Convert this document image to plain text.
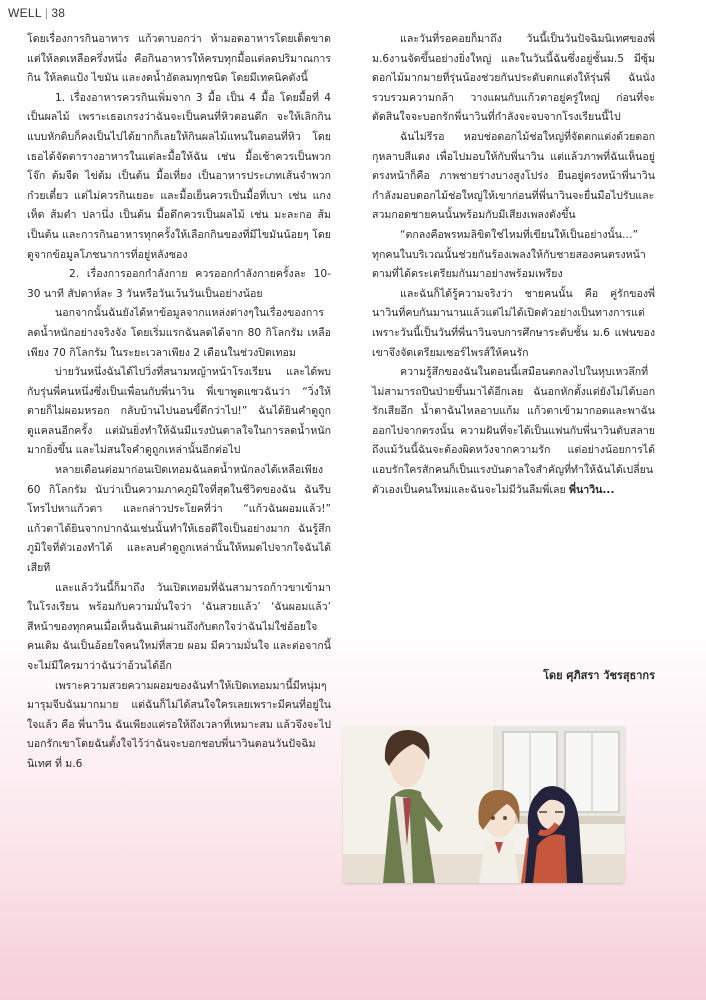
WELL | 38

โดยเรื่องการกินอาหาร แก้วตาบอกว่า ห้ามอดอาหารโดยเด็ดขาด แต่ให้ลดเหลือครึ่งหนึ่ง คือกินอาหารให้ครบทุกมื้อแต่ลดปริมาณการกิน ให้ลดแป้ง ไขมัน และงดน้ำอัดลมทุกชนิด โดยมีเทคนิคดังนี้

1. เรื่องอาหารควรกินเพิ่มจาก 3 มื้อ เป็น 4 มื้อ โดยมื้อที่ 4 เป็นผลไม้ เพราะเธอเกรงว่าฉันจะเป็นคนที่หิวตอนดึก จะให้เลิกกินแบบหักดิบก็คงเป็นไปได้ยากก็เลยให้กินผลไม้แทนในตอนที่หิว โดยเธอได้จัดตารางอาหารในแต่ละมื้อให้ฉัน เช่น มื้อเช้าควรเป็นพวกโจ๊ก ต้มจืด ไข่ต้ม เป็นต้น มื้อเที่ยง เป็นอาหารประเภทเส้นจำพวกก๋วยเตี๋ยว แต่ไม่ควรกินเยอะ และมื้อเย็นควรเป็นมื้อที่เบา เช่น แกงเห็ด ส้มตำ ปลานึ่ง เป็นต้น มื้อดึกควรเป็นผลไม้ เช่น มะละกอ ส้ม เป็นต้น และการกินอาหารทุกครั้งให้เลือกกินของที่มีไขมันน้อยๆ โดยดูจากข้อมูลโภชนาการที่อยู่หลังซอง

2. เรื่องการออกกำลังกาย ควรออกกำลังกายครั้งละ 10-30 นาที สัปดาห์ละ 3 วันหรือวันเว้นวันเป็นอย่างน้อย

นอกจากนั้นฉันยังได้หาข้อมูลจากแหล่งต่างๆในเรื่องของการลดน้ำหนักอย่างจริงจัง โดยเริ่มแรกฉันลดได้จาก 80 กิโลกรัม เหลือเพียง 70 กิโลกรัม ในระยะเวลาเพียง 2 เดือนในช่วงปิดเทอม

บ่ายวันหนึ่งฉันได้ไปวิ่งที่สนามหญ้าหน้าโรงเรียน และได้พบกับรุ่นพี่คนหนึ่งซึ่งเป็นเพื่อนกับพี่นาวิน พี่เขาพูดแซวฉันว่า “วิ่งให้ตายก็ไม่ผอมหรอก กลับบ้านไปนอนขี้ดีกว่าไป!” ฉันได้ยินคำดูถูกดูแคลนอีกครั้ง แต่มันยิ่งทำให้ฉันมีแรงบันดาลใจในการลดน้ำหนักมากยิ่งขึ้น และไม่สนใจคำดูถูกเหล่านั้นอีกต่อไป

หลายเดือนต่อมาก่อนเปิดเทอมฉันลดน้ำหนักลงได้เหลือเพียง 60 กิโลกรัม นับว่าเป็นความภาคภูมิใจที่สุดในชีวิตของฉัน ฉันรีบโทรไปหาแก้วตา และกล่าวประโยคที่ว่า “แก้วฉันผอมแล้ว!” แก้วตาได้ยินจากปากฉันเช่นนั้นทำให้เธอดีใจเป็นอย่างมาก ฉันรู้สึกภูมิใจที่ตัวเองทำได้ และลบคำดูถูกเหล่านั้นให้หมดไปจากใจฉันได้เสียที

และแล้ววันนี้ก็มาถึง วันเปิดเทอมที่ฉันสามารถก้าวขาเข้ามาในโรงเรียน พร้อมกับความมั่นใจว่า ‘ฉันสวยแล้ว’ ‘ฉันผอมแล้ว’ สีหน้าของทุกคนเมื่อเห็นฉันเดินผ่านถึงกับตกใจว่าฉันไม่ใช่อ้อยใจคนเดิม ฉันเป็นอ้อยใจคนใหม่ที่สวย ผอม มีความมั่นใจ และต่อจากนี้จะไม่มีใครมาว่าฉันว่าอ้วนได้อีก

เพราะความสวยความผอมของฉันทำให้เปิดเทอมมานี้มีหนุ่มๆมารุมจีบฉันมากมาย แต่ฉันก็ไม่ได้สนใจใครเลยเพราะมีคนที่อยู่ในใจแล้ว คือ พี่นาวิน ฉันเพียงแค่รอให้ถึงเวลาที่เหมาะสม แล้วจึงจะไปบอกรักเขาโดยฉันตั้งใจไว้ว่าฉันจะบอกชอบพี่นาวินตอนวันปัจฉิมนิเทศ ที่ ม.6

และวันที่รอคอยก็มาถึง วันนี้เป็นวันปัจฉิมนิเทศของพี่ม.6งานจัดขึ้นอย่างยิ่งใหญ่ และในวันนี้ฉันซึ่งอยู่ชั้นม.5 มีซุ้มดอกไม้มากมายที่รุ่นน้องช่วยกันประดับตกแต่งให้รุ่นพี่ ฉันนั่งรวบรวมความกล้า วางแผนกับแก้วตาอยู่ครู่ใหญ่ ก่อนที่จะ ตัดสินใจจะบอกรักพี่นาวินที่กำลังจะจบจากโรงเรียนนี้ไป

ฉันไม่รีรอ หอบช่อดอกไม้ช่อใหญ่ที่จัดตกแต่งด้วยดอกกุหลาบสีแดง เพื่อไปมอบให้กับพี่นาวิน แต่แล้วภาพที่ฉันเห็นอยู่ตรงหน้าก็คือ ภาพชายร่างบางสูงโปร่ง ยืนอยู่ตรงหน้าพี่นาวินกำลังมอบดอกไม้ช่อใหญ่ให้เขาก่อนที่พี่นาวินจะยื่นมือไปรับและสวมกอดชายคนนั้นพร้อมกับมีเสียงเพลงดังขึ้น

“ตกลงคือพรหมลิขิตใช่ไหมที่เขียนให้เป็นอย่างนั้น…”

ทุกคนในบริเวณนั้นช่วยกันร้องเพลงให้กับชายสองคนตรงหน้า ตามที่ได้ตระเตรียมกันมาอย่างพร้อมเพรียง

และฉันก็ได้รู้ความจริงว่า ชายคนนั้น คือ คู่รักของพี่นาวินที่คบกันมานานแล้วแต่ไม่ได้เปิดตัวอย่างเป็นทางการแต่เพราะวันนี้เป็นวันที่พี่นาวินจบการศึกษาระดับชั้น ม.6 แฟนของเขาจึงจัดเตรียมเซอร์ไพรส์ให้คนรัก

ความรู้สึกของฉันในตอนนี้เสมือนตกลงไปในหุบเหวลึกที่ไม่สามารถปีนป่ายขึ้นมาได้อีกเลย ฉันอกหักตั้งแต่ยังไม่ได้บอกรักเสียอีก น้ำตาฉันไหลอาบแก้ม แก้วตาเข้ามากอดและพาฉันออกไปจากตรงนั้น ความฝันที่จะได้เป็นแฟนกับพี่นาวินดับสลาย ถึงแม้วันนี้ฉันจะต้องผิดหวังจากความรัก แต่อย่างน้อยการได้แอบรักใครสักคนก็เป็นแรงบันดาลใจสำคัญที่ทำให้ฉันได้เปลี่ยนตัวเองเป็นคนใหม่และฉันจะไม่มีวันลืมพี่เลย พี่นาวิน...

โดย ศุภิสรา วัชรสุธากร
